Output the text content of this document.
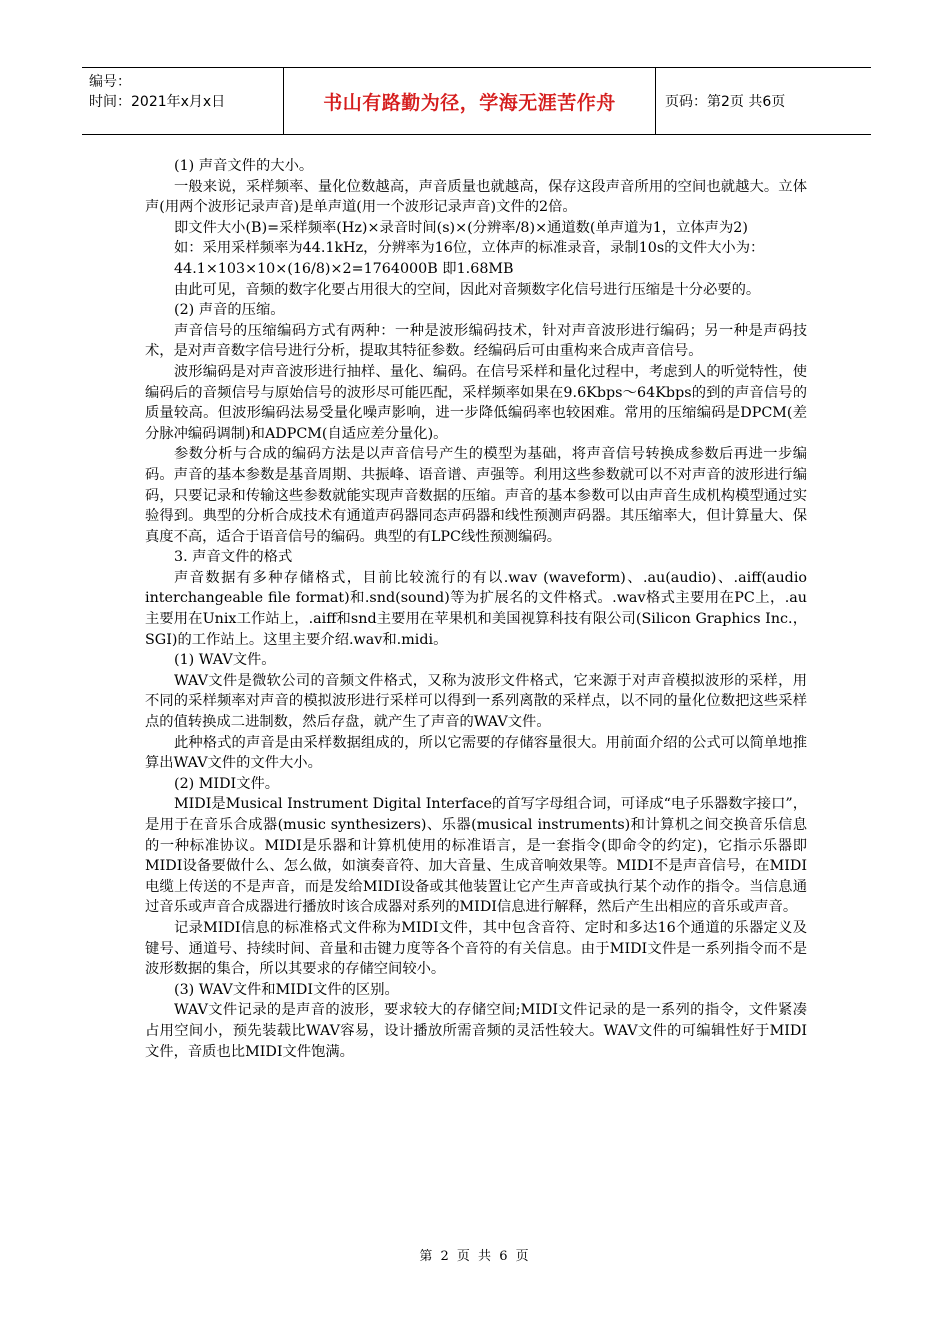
编号：
时间：2021年x月x日	书山有路勤为径，学海无涯苦作舟	页码：第2页 共6页

(1) 声音文件的大小。

一般来说，采样频率、量化位数越高，声音质量也就越高，保存这段声音所用的空间也就越大。立体声(用两个波形记录声音)是单声道(用一个波形记录声音)文件的2倍。

即文件大小(B)=采样频率(Hz)×录音时间(s)×(分辨率/8)×通道数(单声道为1，立体声为2)

如：采用采样频率为44.1kHz，分辨率为16位，立体声的标准录音，录制10s的文件大小为：

44.1×103×10×(16/8)×2=1764000B 即1.68MB

由此可见，音频的数字化要占用很大的空间，因此对音频数字化信号进行压缩是十分必要的。

(2) 声音的压缩。

声音信号的压缩编码方式有两种：一种是波形编码技术，针对声音波形进行编码；另一种是声码技术，是对声音数字信号进行分析，提取其特征参数。经编码后可由重构来合成声音信号。

波形编码是对声音波形进行抽样、量化、编码。在信号采样和量化过程中，考虑到人的听觉特性，使编码后的音频信号与原始信号的波形尽可能匹配，采样频率如果在9.6Kbps～64Kbps的到的声音信号的质量较高。但波形编码法易受量化噪声影响，进一步降低编码率也较困难。常用的压缩编码是DPCM(差分脉冲编码调制)和ADPCM(自适应差分量化)。

参数分析与合成的编码方法是以声音信号产生的模型为基础，将声音信号转换成参数后再进一步编码。声音的基本参数是基音周期、共振峰、语音谱、声强等。利用这些参数就可以不对声音的波形进行编码，只要记录和传输这些参数就能实现声音数据的压缩。声音的基本参数可以由声音生成机构模型通过实验得到。典型的分析合成技术有通道声码器同态声码器和线性预测声码器。其压缩率大，但计算量大、保真度不高，适合于语音信号的编码。典型的有LPC线性预测编码。

3. 声音文件的格式

声音数据有多种存储格式，目前比较流行的有以.wav (waveform)、.au(audio)、.aiff(audio interchangeable file format)和.snd(sound)等为扩展名的文件格式。.wav格式主要用在PC上，.au主要用在Unix工作站上，.aiff和snd主要用在苹果机和美国视算科技有限公司(Silicon Graphics Inc.，SGI)的工作站上。这里主要介绍.wav和.midi。

(1) WAV文件。

WAV文件是微软公司的音频文件格式，又称为波形文件格式，它来源于对声音模拟波形的采样，用不同的采样频率对声音的模拟波形进行采样可以得到一系列离散的采样点，以不同的量化位数把这些采样点的值转换成二进制数，然后存盘，就产生了声音的WAV文件。

此种格式的声音是由采样数据组成的，所以它需要的存储容量很大。用前面介绍的公式可以简单地推算出WAV文件的文件大小。

(2) MIDI文件。

MIDI是Musical Instrument Digital Interface的首写字母组合词，可译成“电子乐器数字接口”，是用于在音乐合成器(music synthesizers)、乐器(musical instruments)和计算机之间交换音乐信息的一种标准协议。MIDI是乐器和计算机使用的标准语言，是一套指令(即命令的约定)，它指示乐器即MIDI设备要做什么、怎么做，如演奏音符、加大音量、生成音响效果等。MIDI不是声音信号，在MIDI电缆上传送的不是声音，而是发给MIDI设备或其他装置让它产生声音或执行某个动作的指令。当信息通过音乐或声音合成器进行播放时该合成器对系列的MIDI信息进行解释，然后产生出相应的音乐或声音。

记录MIDI信息的标准格式文件称为MIDI文件，其中包含音符、定时和多达16个通道的乐器定义及键号、通道号、持续时间、音量和击键力度等各个音符的有关信息。由于MIDI文件是一系列指令而不是波形数据的集合，所以其要求的存储空间较小。

(3) WAV文件和MIDI文件的区别。

WAV文件记录的是声音的波形，要求较大的存储空间;MIDI文件记录的是一系列的指令，文件紧凑占用空间小，预先装载比WAV容易，设计播放所需音频的灵活性较大。WAV文件的可编辑性好于MIDI文件，音质也比MIDI文件饱满。

第 2 页 共 6 页
